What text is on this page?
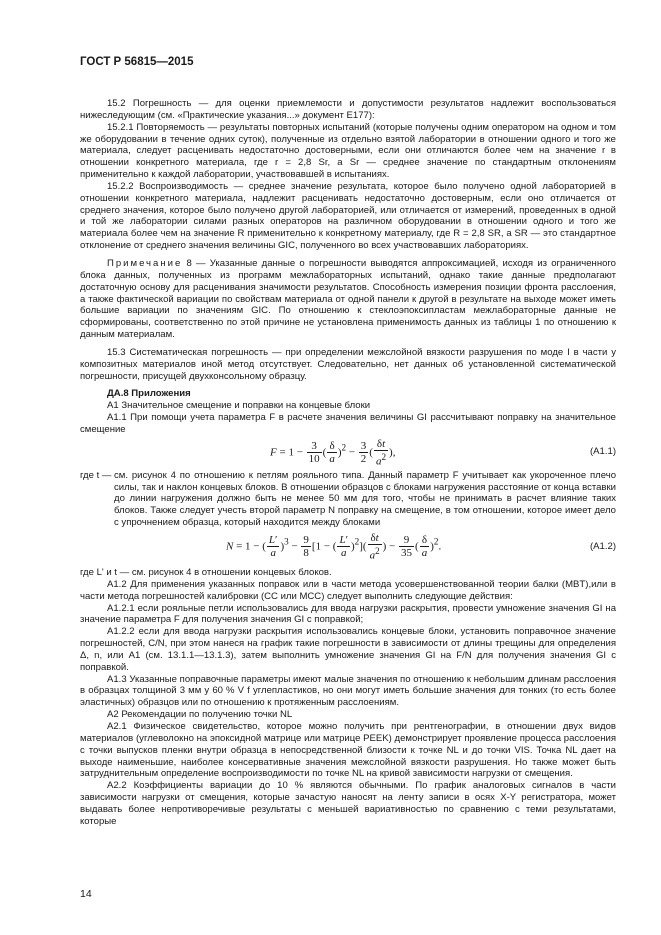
ГОСТ Р 56815—2015

15.2 Погрешность — для оценки приемлемости и допустимости результатов надлежит воспользоваться нижеследующим (см. «Практические указания...» документ Е177):

15.2.1 Повторяемость — результаты повторных испытаний (которые получены одним оператором на одном и том же оборудовании в течение одних суток), полученные из отдельно взятой лаборатории в отношении одного и того же материала, следует расценивать недостаточно достоверными, если они отличаются более чем на значение r в отношении конкретного материала, где r = 2,8 Sr, а Sr — среднее значение по стандартным отклонениям применительно к каждой лаборатории, участвовавшей в испытаниях.

15.2.2 Воспроизводимость — среднее значение результата, которое было получено одной лабораторией в отношении конкретного материала, надлежит расценивать недостаточно достоверным, если оно отличается от среднего значения, которое было получено другой лабораторией, или отличается от измерений, проведенных в одной и той же лаборатории силами разных операторов на различном оборудовании в отношении одного и того же материала более чем на значение R применительно к конкретному материалу, где R = 2,8 SR, а SR — это стандартное отклонение от среднего значения величины GIC, полученного во всех участвовавших лабораториях.

Примечание 8 — Указанные данные о погрешности выводятся аппроксимацией, исходя из ограниченного блока данных, полученных из программ межлабораторных испытаний, однако такие данные предполагают достаточную основу для расценивания значимости результатов. Способность измерения позиции фронта расслоения, а также фактической вариации по свойствам материала от одной панели к другой в результате на выходе может иметь большие вариации по значениям GIC. По отношению к стеклоэпоксипластам межлабораторные данные не сформированы, соответственно по этой причине не установлена применимость данных из таблицы 1 по отношению к данным материалам.

15.3 Систематическая погрешность — при определении межслойной вязкости разрушения по моде I в части у композитных материалов иной метод отсутствует. Следовательно, нет данных об установленной систематической погрешности, присущей двухконсольному образцу.

ДА.8 Приложения

А1 Значительное смещение и поправки на концевые блоки

А1.1 При помощи учета параметра F в расчете значения величины GI рассчитывают поправку на значительное смещение

$F = 1 - \frac{3}{10}$ ( $\frac{\delta}{a} )^2 - \frac{3}{2}$ ( $\frac{\delta t}{a^2}$ ),	(А1.1)
где t — см. рисунок 4 по отношению к петлям рояльного типа. Данный параметр F учитывает как укороченное плечо силы, так и наклон концевых блоков. В отношении образцов с блоками нагружения расстояние от конца вставки до линии нагружения должно быть не менее 50 мм для того, чтобы не принимать в расчет влияние таких блоков. Также следует учесть второй параметр N поправку на смещение, в том отношении, которое имеет дело с упрочнением образца, который находится между блоками
N = 1 − ( $\frac{L'}{a} )^3 - \frac{9}{8} [1$ − ( $\frac{L'}{a} )^2]( \frac{\delta t}{a^2}$ ) − $\frac{9}{35}$ ( $\frac{\delta}{a} )^2$.	(А1.2)

где L' и t — см. рисунок 4 в отношении концевых блоков.

А1.2 Для применения указанных поправок или в части метода усовершенствованной теории балки (MBT),или в части метода погрешностей калибровки (CC или MCC) следует выполнить следующие действия:

А1.2.1 если рояльные петли использовались для ввода нагрузки раскрытия, провести умножение значения GI на значение параметра F для получения значения GI с поправкой;

А1.2.2 если для ввода нагрузки раскрытия использовались концевые блоки, установить поправочное значение погрешностей, C/N, при этом нанеся на график такие погрешности в зависимости от длины трещины для определения Δ, n, или A1 (см. 13.1.1—13.1.3), затем выполнить умножение значения GI на F/N для получения значения GI с поправкой.

А1.3 Указанные поправочные параметры имеют малые значения по отношению к небольшим длинам расслоения в образцах толщиной 3 мм у 60 % V f углепластиков, но они могут иметь большие значения для тонких (то есть более эластичных) образцов или по отношению к протяженным расслоениям.

А2 Рекомендации по получению точки NL

А2.1 Физическое свидетельство, которое можно получить при рентгенографии, в отношении двух видов материалов (углеволокно на эпоксидной матрице или матрице PEEK) демонстрирует проявление процесса расслоения с точки выпусков пленки внутри образца в непосредственной близости к точке NL и до точки VIS. Точка NL дает на выходе наименьшие, наиболее консервативные значения межслойной вязкости разрушения. Но также может быть затруднительным определение воспроизводимости по точке NL на кривой зависимости нагрузки от смещения.

А2.2 Коэффициенты вариации до 10 % являются обычными. По график аналоговых сигналов в части зависимости нагрузки от смещения, которые зачастую наносят на ленту записи в осях X-Y регистратора, может выдавать более непротиворечивые результаты с меньшей вариативностью по сравнению с теми результатами, которые

14
